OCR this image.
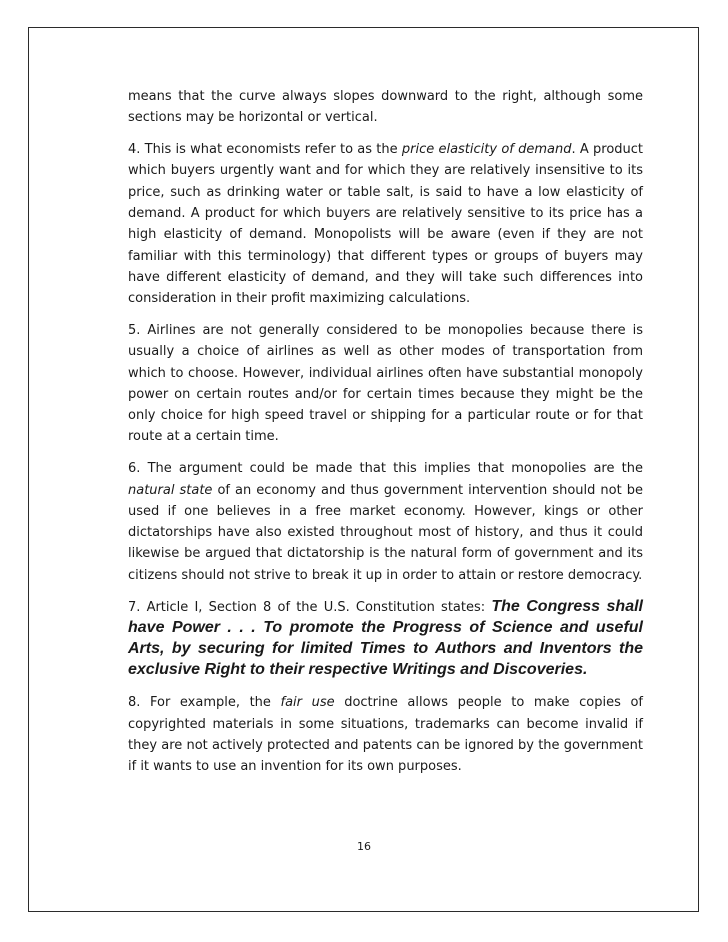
means that the curve always slopes downward to the right, although some sections may be horizontal or vertical.

4. This is what economists refer to as the price elasticity of demand. A product which buyers urgently want and for which they are relatively insensitive to its price, such as drinking water or table salt, is said to have a low elasticity of demand. A product for which buyers are relatively sensitive to its price has a high elasticity of demand. Monopolists will be aware (even if they are not familiar with this terminology) that different types or groups of buyers may have different elasticity of demand, and they will take such differences into consideration in their profit maximizing calculations.

5. Airlines are not generally considered to be monopolies because there is usually a choice of airlines as well as other modes of transportation from which to choose. However, individual airlines often have substantial monopoly power on certain routes and/or for certain times because they might be the only choice for high speed travel or shipping for a particular route or for that route at a certain time.

6. The argument could be made that this implies that monopolies are the natural state of an economy and thus government intervention should not be used if one believes in a free market economy. However, kings or other dictatorships have also existed throughout most of history, and thus it could likewise be argued that dictatorship is the natural form of government and its citizens should not strive to break it up in order to attain or restore democracy.

7. Article I, Section 8 of the U.S. Constitution states: The Congress shall have Power . . . To promote the Progress of Science and useful Arts, by securing for limited Times to Authors and Inventors the exclusive Right to their respective Writings and Discoveries.

8. For example, the fair use doctrine allows people to make copies of copyrighted materials in some situations, trademarks can become invalid if they are not actively protected and patents can be ignored by the government if it wants to use an invention for its own purposes.

16
